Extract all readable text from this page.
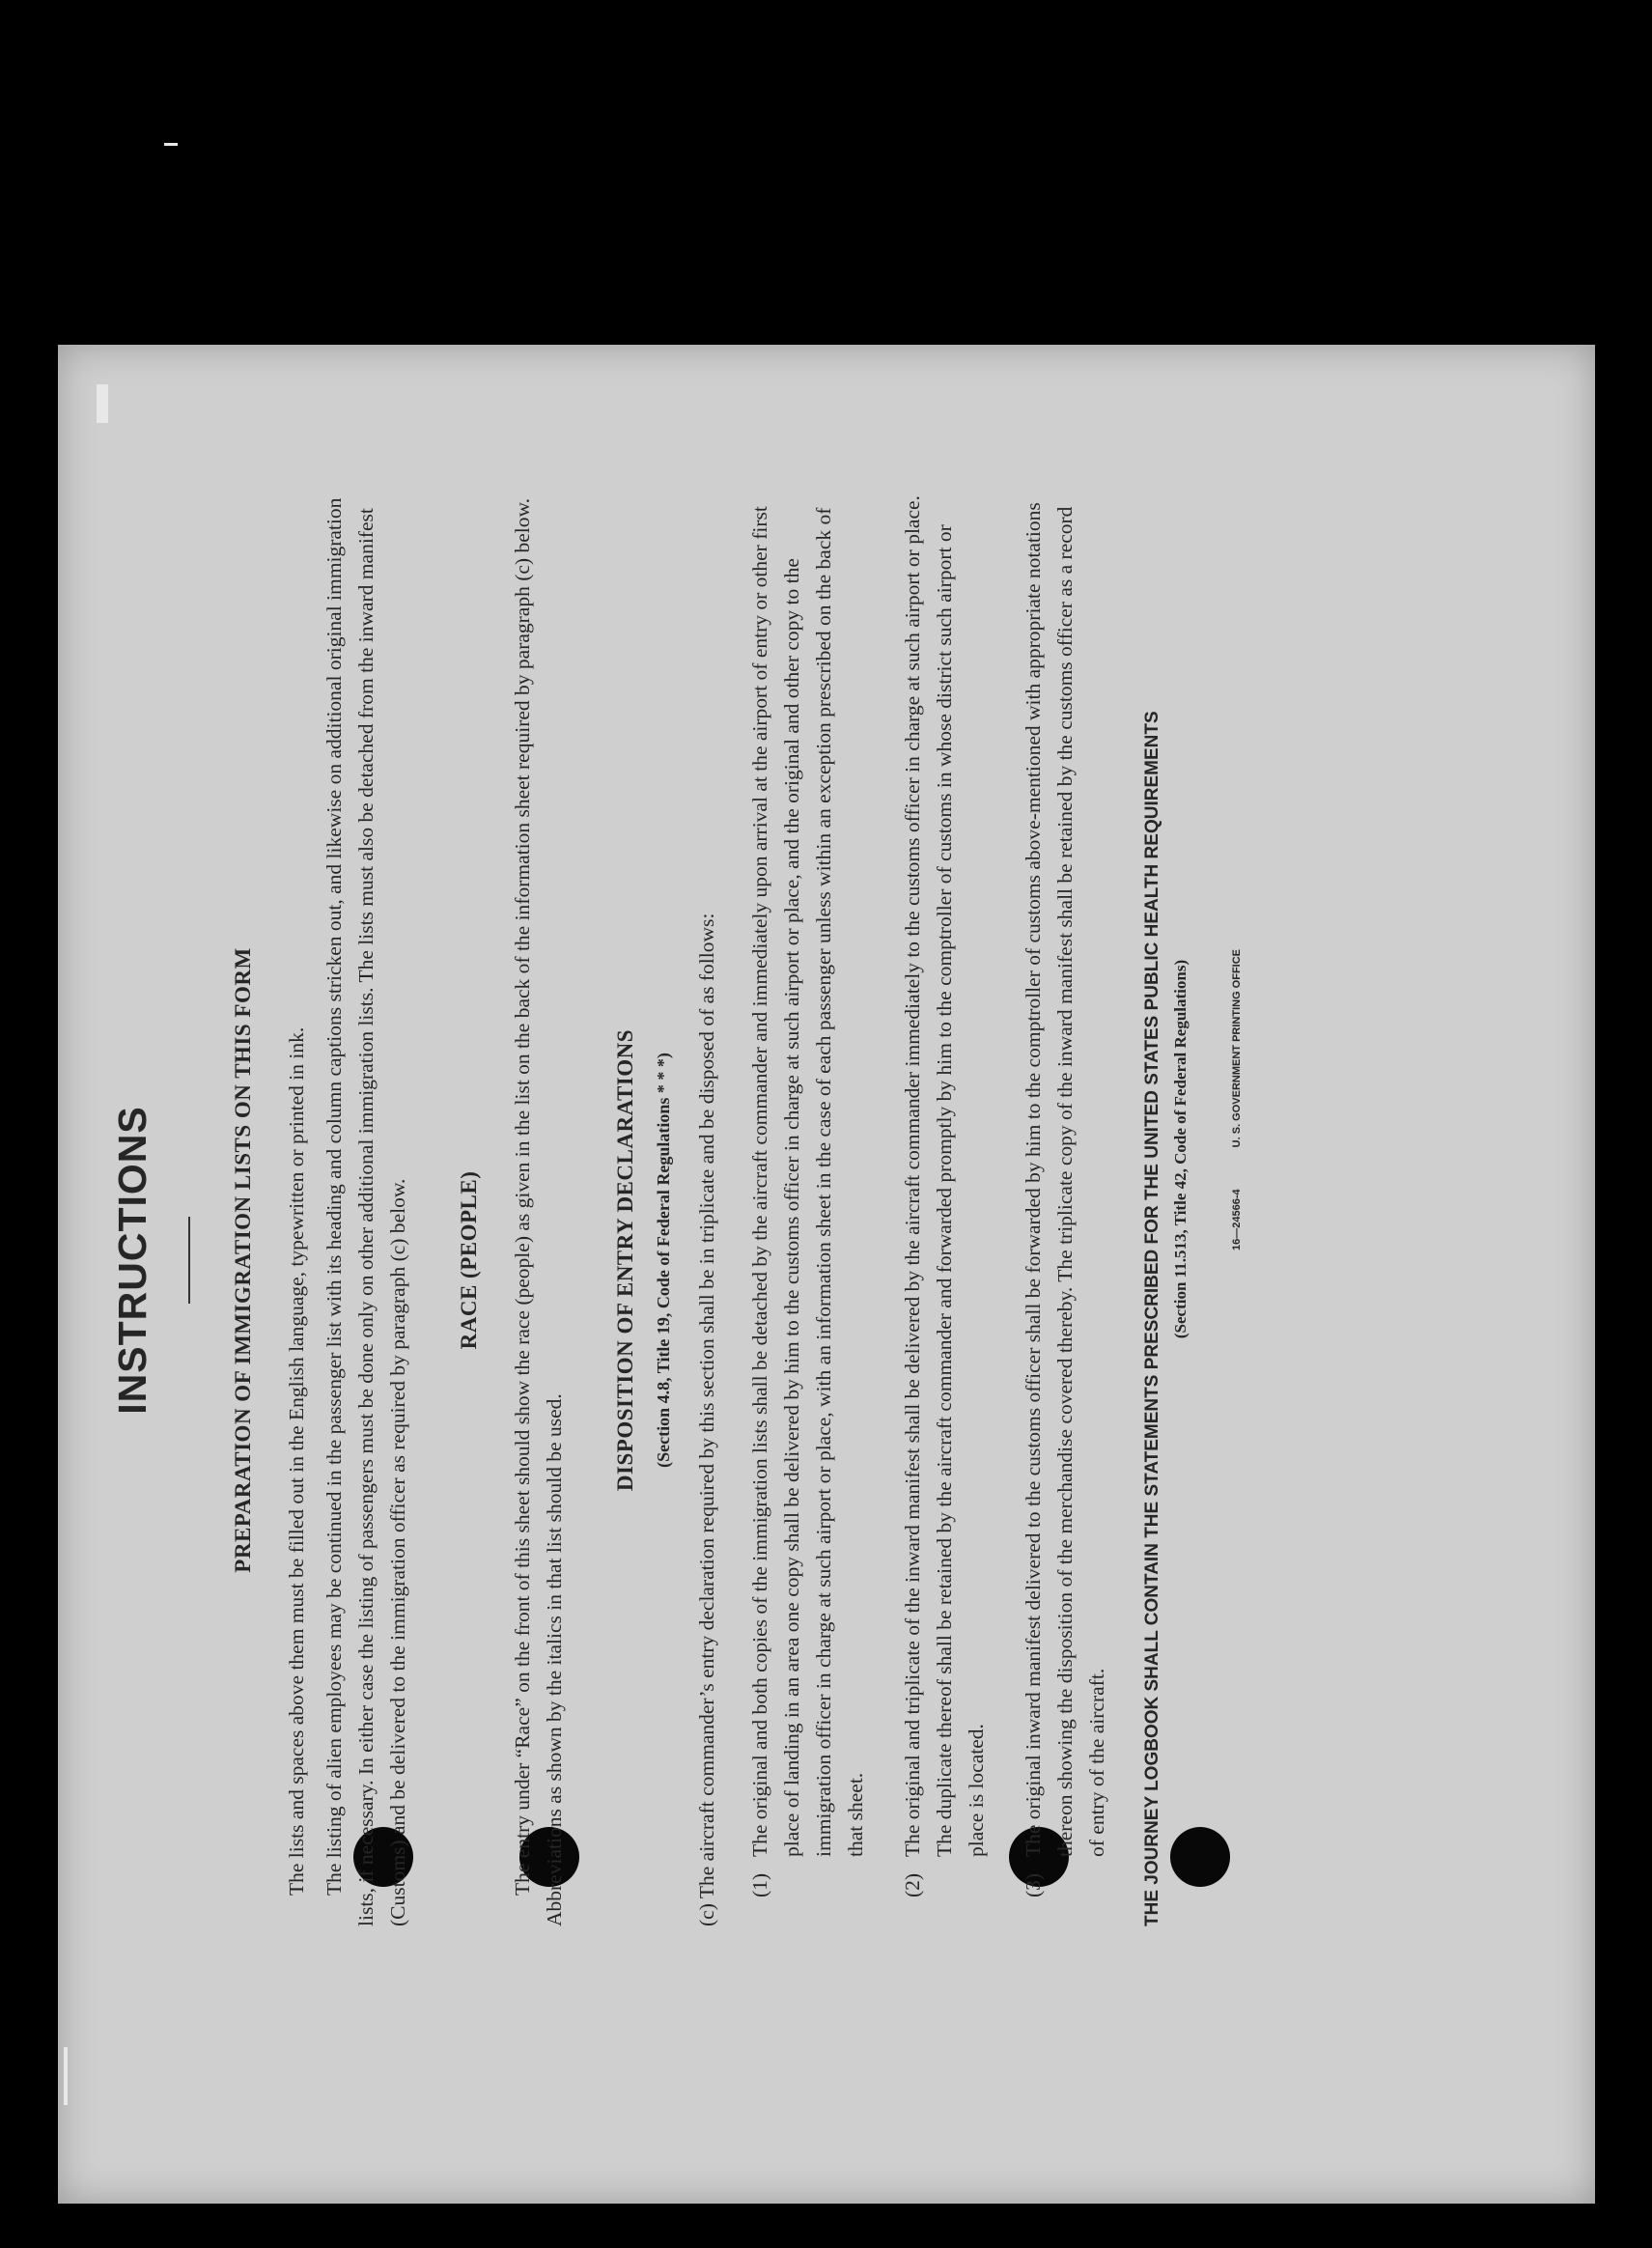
INSTRUCTIONS	PREPARATION OF IMMIGRATION LISTS ON THIS FORM The lists and spaces above them must be filled out in the English language, typewritten or printed in ink. The listing of alien employees may be continued in the passenger list with its heading and column captions stricken out, and likewise on additional original immigration lists, if necessary. In either case the listing of passengers must be done only on other additional immigration lists. The lists must also be detached from the inward manifest (Customs) and be delivered to the immigration officer as required by paragraph (c) below. RACE (PEOPLE) The entry under “Race” on the front of this sheet should show the race (people) as given in the list on the back of the information sheet required by paragraph (c) below. Abbreviations as shown by the italics in that list should be used.

DISPOSITION OF ENTRY DECLARATIONS (Section 4.8, Title 19, Code of Federal Regulations * * *) (c) The aircraft commander’s entry declaration required by this section shall be in triplicate and be disposed of as follows: (1)
The original and both copies of the immigration lists shall be detached by the aircraft commander and immediately upon arrival at the airport of entry or other first place of landing in an area one copy shall be delivered by him to the customs officer in charge at such airport or place, and the original and other copy to the immigration officer in charge at such airport or place, with an information sheet in the case of each passenger unless within an exception prescribed on the back of that sheet.
(2)
The original and triplicate of the inward manifest shall be delivered by the aircraft commander immediately to the customs officer in charge at such airport or place. The duplicate thereof shall be retained by the aircraft commander and forwarded promptly by him to the comptroller of customs in whose district such airport or place is located.
(3)
The original inward manifest delivered to the customs officer shall be forwarded by him to the comptroller of customs above-mentioned with appropriate notations thereon showing the disposition of the merchandise covered thereby. The triplicate copy of the inward manifest shall be retained by the customs officer as a record of entry of the aircraft. THE JOURNEY LOGBOOK SHALL CONTAIN THE STATEMENTS PRESCRIBED FOR THE UNITED STATES PUBLIC HEALTH REQUIREMENTS (Section 11.513, Title 42, Code of Federal Regulations)	16—24566-4 U. S. GOVERNMENT PRINTING OFFICE
